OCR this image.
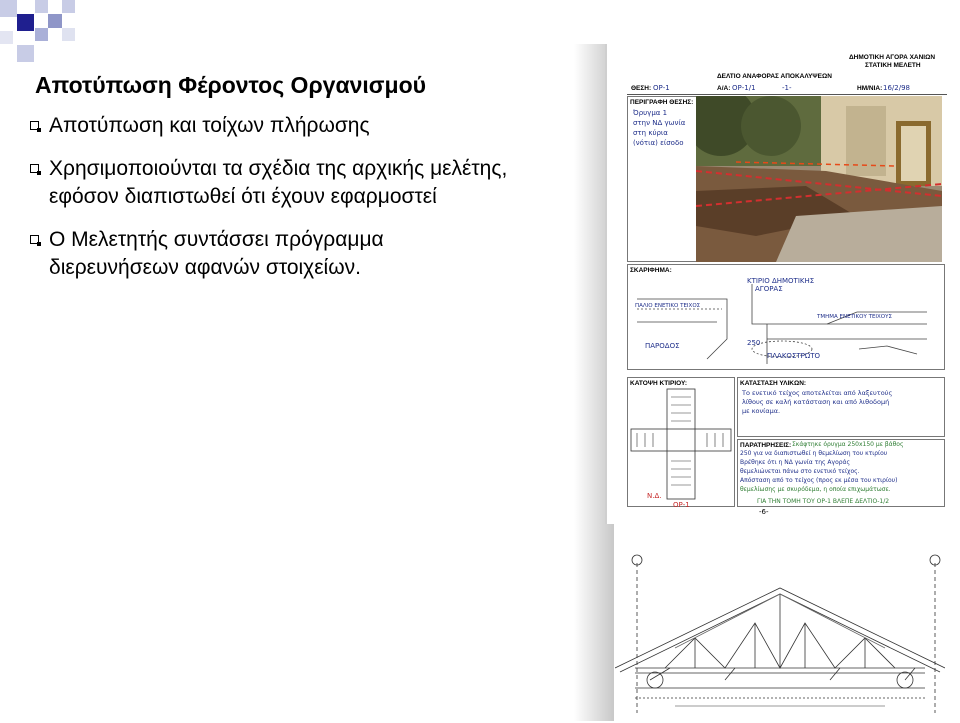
Αποτύπωση Φέροντος Οργανισμού
Αποτύπωση και τοίχων πλήρωσης
Χρησιμοποιούνται τα σχέδια της αρχικής μελέτης, εφόσον διαπιστωθεί ότι έχουν εφαρμοστεί
Ο Μελετητής συντάσσει πρόγραμμα διερευνήσεων αφανών στοιχείων.
ΔΗΜΟΤΙΚΗ ΑΓΟΡΑ ΧΑΝΙΩΝ
ΣΤΑΤΙΚΗ ΜΕΛΕΤΗ
ΔΕΛΤΙΟ ΑΝΑΦΟΡΑΣ ΑΠΟΚΑΛΥΨΕΩΝ
ΘΕΣΗ: ΟΡ-1	Α/Α: ΟΡ-1/1	-1-	ΗΜ/ΝΙΑ: 16/2/98
ΠΕΡΙΓΡΑΦΗ ΘΕΣΗΣ:
Όρυγμα 1
στην ΝΔ γωνία
στη κύρια
(νότια) είσοδο
ΣΚΑΡΙΦΗΜΑ:
ΚΤΙΡΙΟ ΔΗΜΟΤΙΚΗΣ
ΑΓΟΡΑΣ
ΠΑΛΙΟ ΕΝΕΤΙΚΟ ΤΕΙΧΟΣ
ΤΜΗΜΑ ΕΝΕΤΙΚΟΥ ΤΕΙΧΟΥΣ
ΠΑΡΟΔΟΣ
ΠΛΑΚΟΣΤΡΩΤΟ
250
ΚΑΤΟΨΗ ΚΤΙΡΙΟΥ:
Ν.Δ.
ΟΡ-1
ΚΑΤΑΣΤΑΣΗ ΥΛΙΚΩΝ:
Το ενετικό τείχος αποτελείται από λαξευτούς
λίθους σε καλή κατάσταση και από λιθοδομή
με κονίαμα.
ΠΑΡΑΤΗΡΗΣΕΙΣ: Σκάφτηκε όρυγμα 250x150 με βάθος
250 για να διαπιστωθεί η θεμελίωση του κτιρίου
Βρέθηκε ότι η ΝΔ γωνία της Αγοράς
θεμελιώνεται πάνω στο ενετικό τείχος.
Απόσταση από το τείχος (προς εκ μέσα του κτιρίου)
θεμελίωσης με σκυρόδεμα, η οποία επιχωμάτωσε.
ΓΙΑ ΤΗΝ ΤΟΜΗ ΤΟΥ ΟΡ-1 ΒΛΕΠΕ ΔΕΛΤΙΟ-1/2
-6-
